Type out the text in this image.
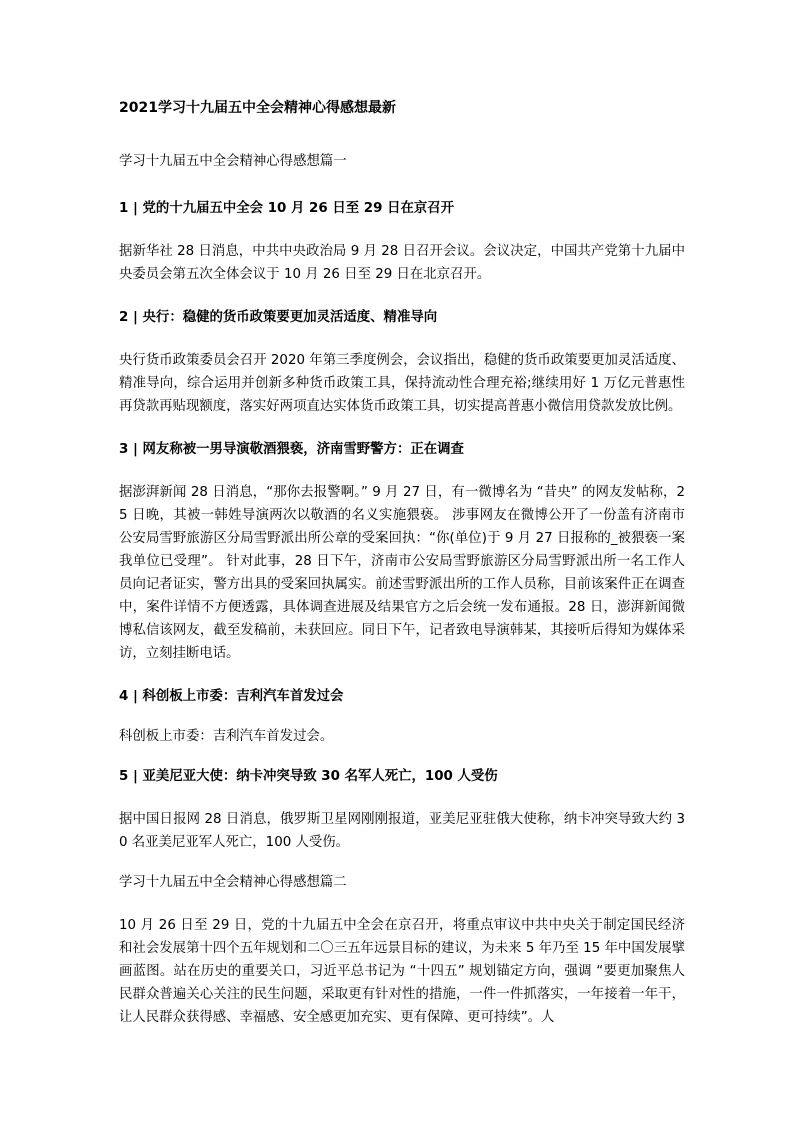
2021学习十九届五中全会精神心得感想最新

学习十九届五中全会精神心得感想篇一

1 | 党的十九届五中全会 10 月 26 日至 29 日在京召开

据新华社 28 日消息，中共中央政治局 9 月 28 日召开会议。会议决定，中国共产党第十九届中央委员会第五次全体会议于 10 月 26 日至 29 日在北京召开。

2 | 央行：稳健的货币政策要更加灵活适度、精准导向

央行货币政策委员会召开 2020 年第三季度例会，会议指出，稳健的货币政策要更加灵活适度、精准导向，综合运用并创新多种货币政策工具，保持流动性合理充裕;继续用好 1 万亿元普惠性再贷款再贴现额度，落实好两项直达实体货币政策工具，切实提高普惠小微信用贷款发放比例。

3 | 网友称被一男导演敬酒猥亵，济南雪野警方：正在调查

据澎湃新闻 28 日消息，“那你去报警啊。” 9 月 27 日，有一微博名为 “昔央” 的网友发帖称，25 日晚，其被一韩姓导演两次以敬酒的名义实施猥亵。 涉事网友在微博公开了一份盖有济南市公安局雪野旅游区分局雪野派出所公章的受案回执：“你(单位)于 9 月 27 日报称的_被猥亵一案我单位已受理”。 针对此事，28 日下午，济南市公安局雪野旅游区分局雪野派出所一名工作人员向记者证实，警方出具的受案回执属实。前述雪野派出所的工作人员称，目前该案件正在调查中，案件详情不方便透露，具体调查进展及结果官方之后会统一发布通报。28 日，澎湃新闻微博私信该网友，截至发稿前，未获回应。同日下午，记者致电导演韩某，其接听后得知为媒体采访，立刻挂断电话。

4 | 科创板上市委：吉利汽车首发过会

科创板上市委：吉利汽车首发过会。

5 | 亚美尼亚大使：纳卡冲突导致 30 名军人死亡，100 人受伤

据中国日报网 28 日消息，俄罗斯卫星网刚刚报道，亚美尼亚驻俄大使称，纳卡冲突导致大约 30 名亚美尼亚军人死亡，100 人受伤。

学习十九届五中全会精神心得感想篇二

10 月 26 日至 29 日，党的十九届五中全会在京召开，将重点审议中共中央关于制定国民经济和社会发展第十四个五年规划和二〇三五年远景目标的建议，为未来 5 年乃至 15 年中国发展擘画蓝图。站在历史的重要关口，习近平总书记为 “十四五” 规划锚定方向，强调 “要更加聚焦人民群众普遍关心关注的民生问题，采取更有针对性的措施，一件一件抓落实，一年接着一年干，让人民群众获得感、幸福感、安全感更加充实、更有保障、更可持续”。人
